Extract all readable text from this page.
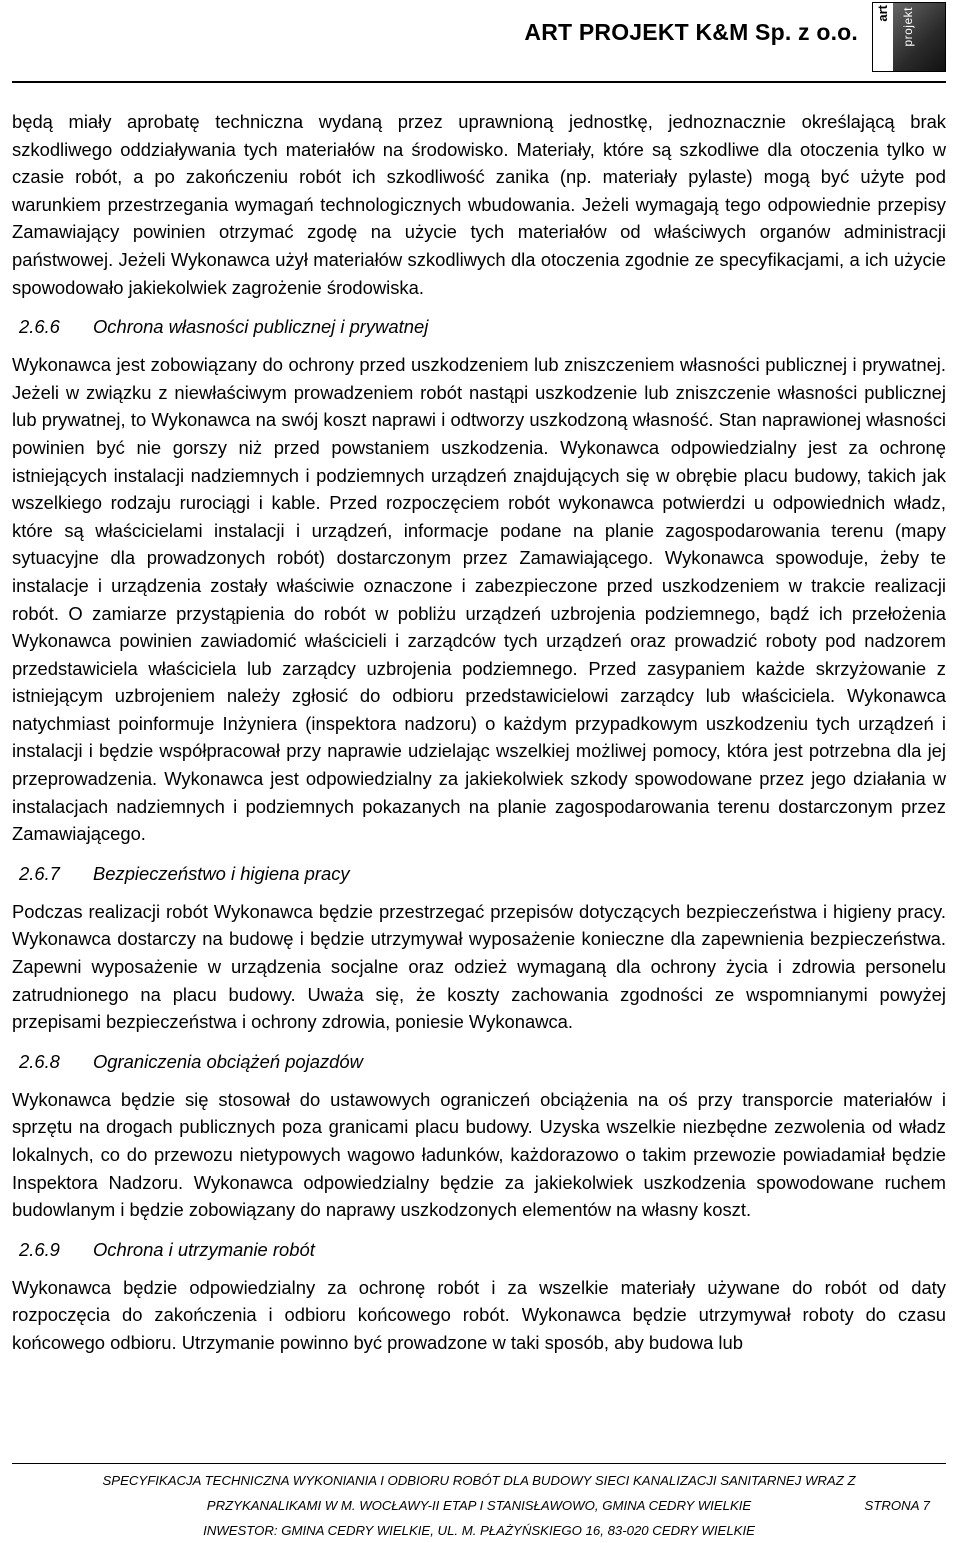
ART PROJEKT K&M Sp. z o.o.
art projekt

będą miały aprobatę techniczna wydaną przez uprawnioną jednostkę, jednoznacznie określającą brak szkodliwego oddziaływania tych materiałów na środowisko. Materiały, które są szkodliwe dla otoczenia tylko w czasie robót, a po zakończeniu robót ich szkodliwość zanika (np. materiały pylaste) mogą być użyte pod warunkiem przestrzegania wymagań technologicznych wbudowania. Jeżeli wymagają tego odpowiednie przepisy Zamawiający powinien otrzymać zgodę na użycie tych materiałów od właściwych organów administracji państwowej. Jeżeli Wykonawca użył materiałów szkodliwych dla otoczenia zgodnie ze specyfikacjami, a ich użycie spowodowało jakiekolwiek zagrożenie środowiska.

2.6.6 Ochrona własności publicznej i prywatnej

Wykonawca jest zobowiązany do ochrony przed uszkodzeniem lub zniszczeniem własności publicznej i prywatnej. Jeżeli w związku z niewłaściwym prowadzeniem robót nastąpi uszkodzenie lub zniszczenie własności publicznej lub prywatnej, to Wykonawca na swój koszt naprawi i odtworzy uszkodzoną własność. Stan naprawionej własności powinien być nie gorszy niż przed powstaniem uszkodzenia. Wykonawca odpowiedzialny jest za ochronę istniejących instalacji nadziemnych i podziemnych urządzeń znajdujących się w obrębie placu budowy, takich jak wszelkiego rodzaju rurociągi i kable. Przed rozpoczęciem robót wykonawca potwierdzi u odpowiednich władz, które są właścicielami instalacji i urządzeń, informacje podane na planie zagospodarowania terenu (mapy sytuacyjne dla prowadzonych robót) dostarczonym przez Zamawiającego. Wykonawca spowoduje, żeby te instalacje i urządzenia zostały właściwie oznaczone i zabezpieczone przed uszkodzeniem w trakcie realizacji robót. O zamiarze przystąpienia do robót w pobliżu urządzeń uzbrojenia podziemnego, bądź ich przełożenia Wykonawca powinien zawiadomić właścicieli i zarządców tych urządzeń oraz prowadzić roboty pod nadzorem przedstawiciela właściciela lub zarządcy uzbrojenia podziemnego. Przed zasypaniem każde skrzyżowanie z istniejącym uzbrojeniem należy zgłosić do odbioru przedstawicielowi zarządcy lub właściciela. Wykonawca natychmiast poinformuje Inżyniera (inspektora nadzoru) o każdym przypadkowym uszkodzeniu tych urządzeń i instalacji i będzie współpracował przy naprawie udzielając wszelkiej możliwej pomocy, która jest potrzebna dla jej przeprowadzenia. Wykonawca jest odpowiedzialny za jakiekolwiek szkody spowodowane przez jego działania w instalacjach nadziemnych i podziemnych pokazanych na planie zagospodarowania terenu dostarczonym przez Zamawiającego.

2.6.7 Bezpieczeństwo i higiena pracy

Podczas realizacji robót Wykonawca będzie przestrzegać przepisów dotyczących bezpieczeństwa i higieny pracy. Wykonawca dostarczy na budowę i będzie utrzymywał wyposażenie konieczne dla zapewnienia bezpieczeństwa. Zapewni wyposażenie w urządzenia socjalne oraz odzież wymaganą dla ochrony życia i zdrowia personelu zatrudnionego na placu budowy. Uważa się, że koszty zachowania zgodności ze wspomnianymi powyżej przepisami bezpieczeństwa i ochrony zdrowia, poniesie Wykonawca.

2.6.8 Ograniczenia obciążeń pojazdów

Wykonawca będzie się stosował do ustawowych ograniczeń obciążenia na oś przy transporcie materiałów i sprzętu na drogach publicznych poza granicami placu budowy. Uzyska wszelkie niezbędne zezwolenia od władz lokalnych, co do przewozu nietypowych wagowo ładunków, każdorazowo o takim przewozie powiadamiał będzie Inspektora Nadzoru. Wykonawca odpowiedzialny będzie za jakiekolwiek uszkodzenia spowodowane ruchem budowlanym i będzie zobowiązany do naprawy uszkodzonych elementów na własny koszt.

2.6.9 Ochrona i utrzymanie robót

Wykonawca będzie odpowiedzialny za ochronę robót i za wszelkie materiały używane do robót od daty rozpoczęcia do zakończenia i odbioru końcowego robót. Wykonawca będzie utrzymywał roboty do czasu końcowego odbioru. Utrzymanie powinno być prowadzone w taki sposób, aby budowa lub

SPECYFIKACJA TECHNICZNA WYKONIANIA I ODBIORU ROBÓT DLA BUDOWY SIECI KANALIZACJI SANITARNEJ WRAZ Z
PRZYKANALIKAMI W M. WOCŁAWY-II ETAP I STANISŁAWOWO, GMINA CEDRY WIELKIE	STRONA 7
INWESTOR: GMINA CEDRY WIELKIE, UL. M. PŁAŻYŃSKIEGO 16, 83-020 CEDRY WIELKIE
